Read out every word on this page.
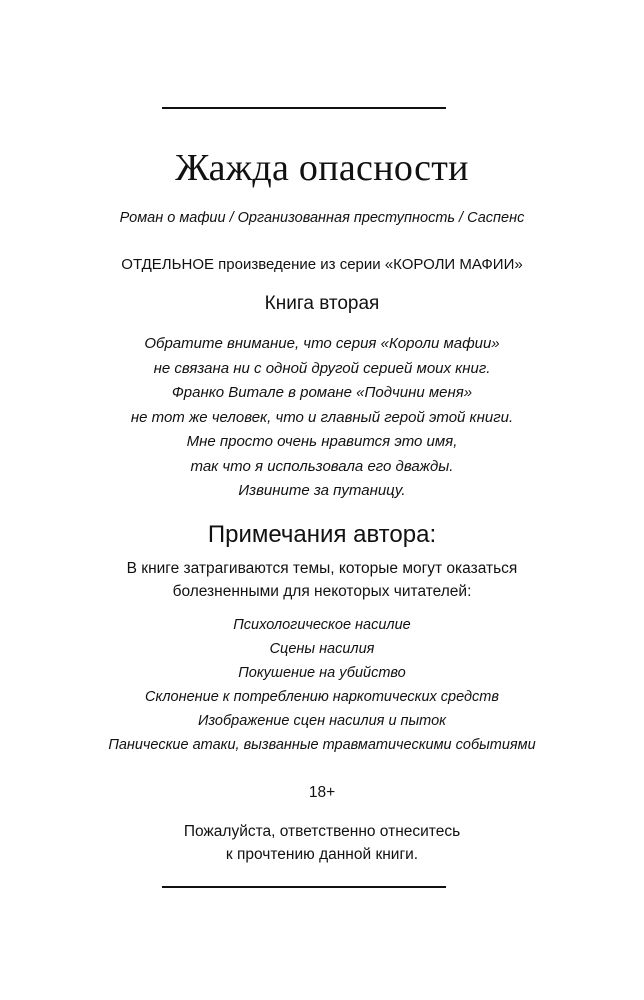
Жажда опасности
Роман о мафии / Организованная преступность / Саспенс
ОТДЕЛЬНОЕ произведение из серии «КОРОЛИ МАФИИ»
Книга вторая
Обратите внимание, что серия «Короли мафии»
не связана ни с одной другой серией моих книг.
Франко Витале в романе «Подчини меня»
не тот же человек, что и главный герой этой книги.
Мне просто очень нравится это имя,
так что я использовала его дважды.
Извините за путаницу.
Примечания автора:
В книге затрагиваются темы, которые могут оказаться
болезненными для некоторых читателей:
Психологическое насилие
Сцены насилия
Покушение на убийство
Склонение к потреблению наркотических средств
Изображение сцен насилия и пыток
Панические атаки, вызванные травматическими событиями
18+
Пожалуйста, ответственно отнеситесь
к прочтению данной книги.
